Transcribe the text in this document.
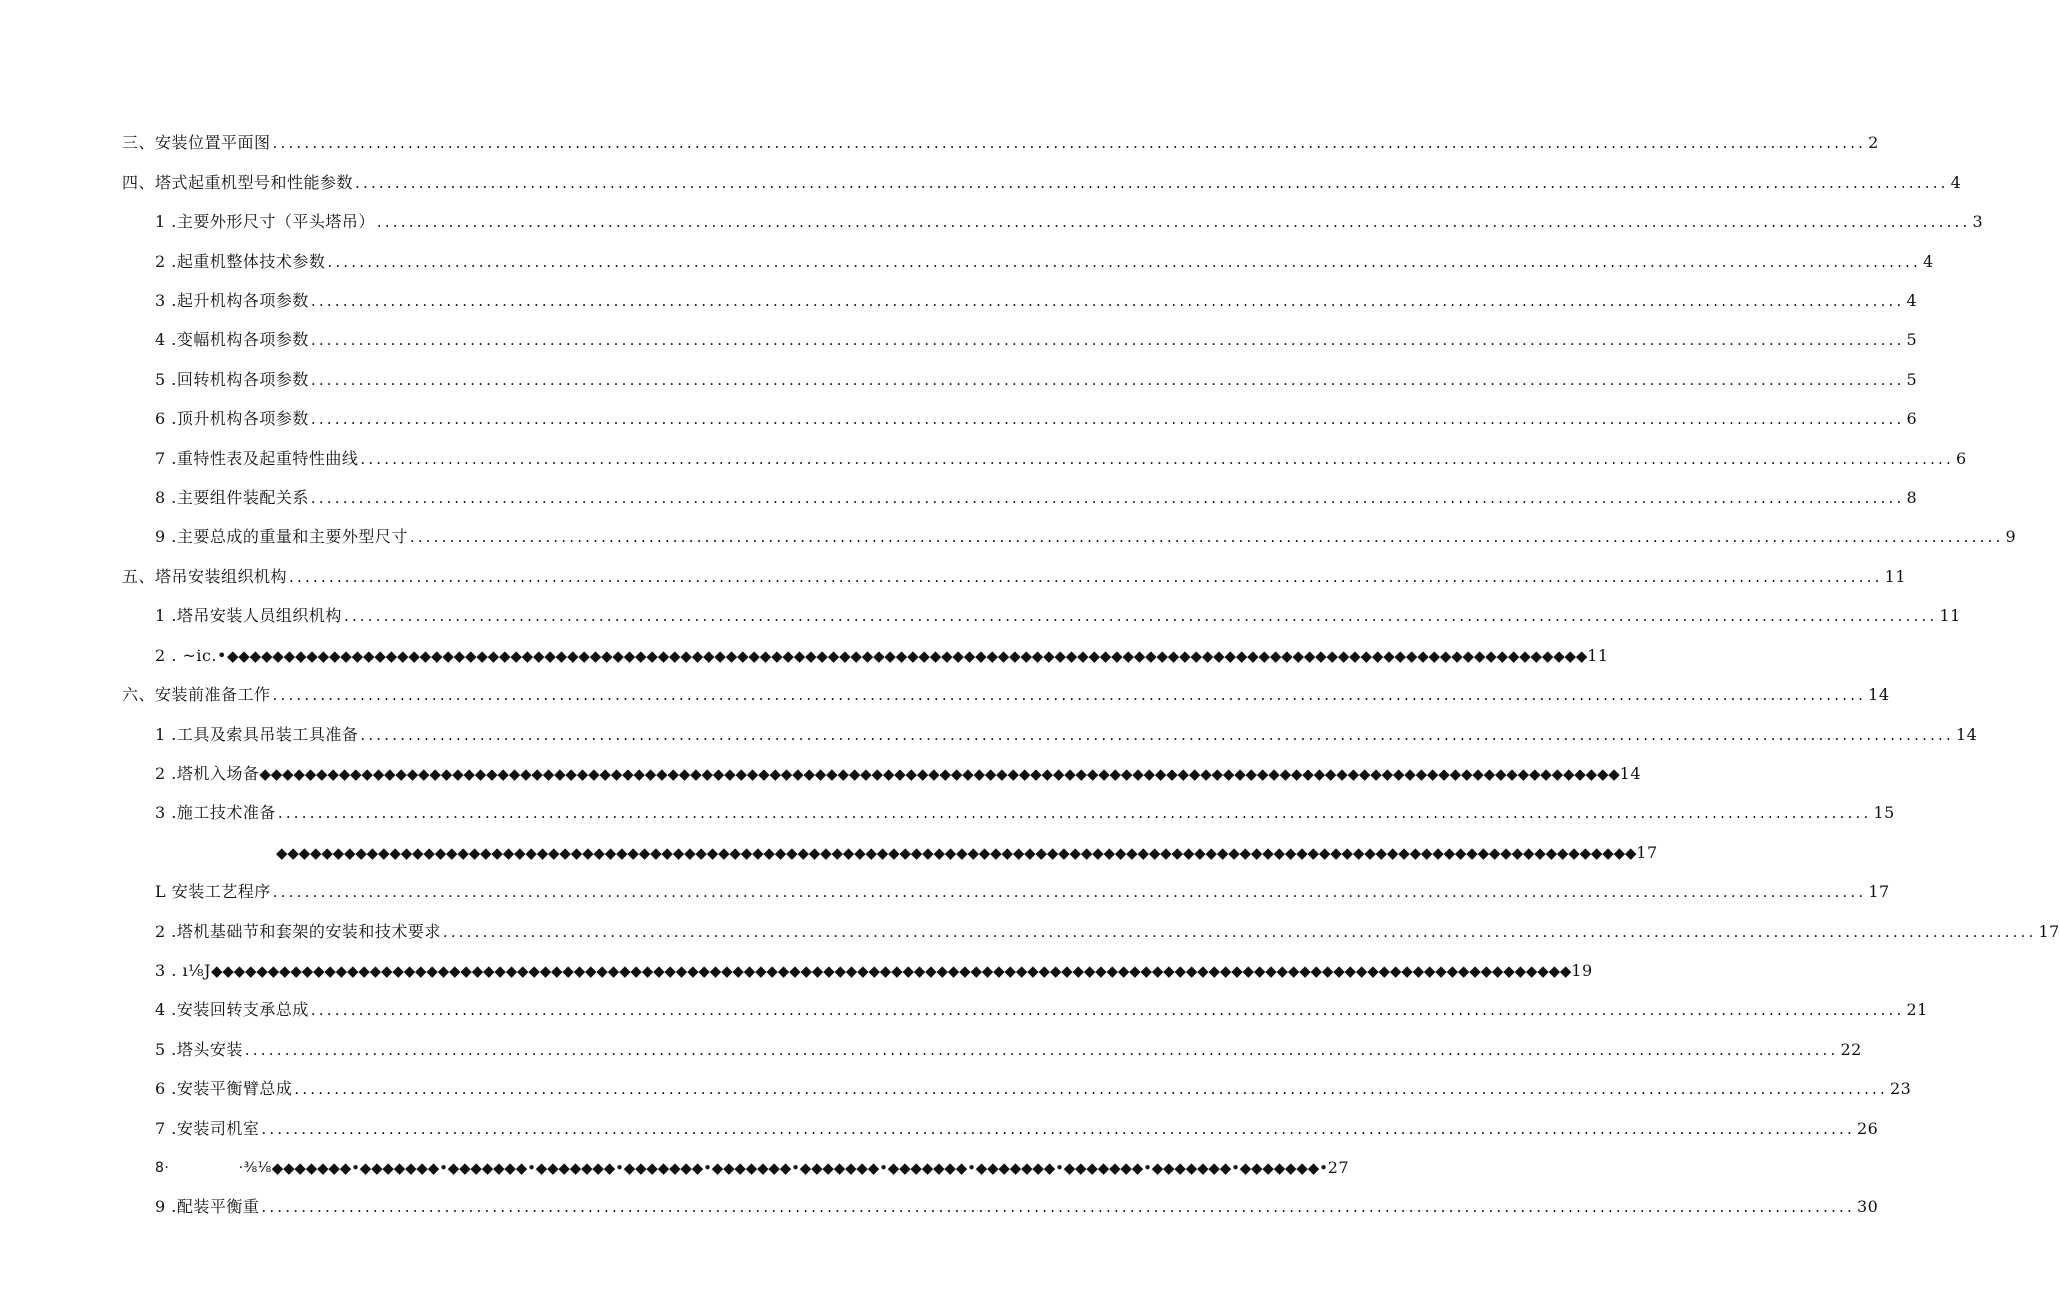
三、安装位置平面图 ........................................................................................................................................................................................................ 2
四、塔式起重机型号和性能参数 ........................................................................................................................................................................................................ 4
1 .主要外形尺寸（平头塔吊） ........................................................................................................................................................................................................ 3
2 .起重机整体技术参数 ........................................................................................................................................................................................................ 4
3 .起升机构各项参数 ........................................................................................................................................................................................................ 4
4 .变幅机构各项参数 ........................................................................................................................................................................................................ 5
5 .回转机构各项参数 ........................................................................................................................................................................................................ 5
6 .顶升机构各项参数 ........................................................................................................................................................................................................ 6
7 .重特性表及起重特性曲线 ........................................................................................................................................................................................................ 6
8 .主要组件装配关系 ........................................................................................................................................................................................................ 8
9 .主要总成的重量和主要外型尺寸 ........................................................................................................................................................................................................ 9
五、塔吊安装组织机构 ........................................................................................................................................................................................................ 11
1 .塔吊安装人员组织机构 ........................................................................................................................................................................................................ 11
2 . ~ic.• ◆◆◆◆◆◆◆◆◆◆◆◆◆◆◆◆◆◆◆◆◆◆◆◆◆◆◆◆◆◆◆◆◆◆◆◆◆◆◆◆◆◆◆◆◆◆◆◆◆◆◆◆◆◆◆◆◆◆◆◆◆◆◆◆◆◆◆◆◆◆◆◆◆◆◆◆◆◆◆◆◆◆◆◆◆◆◆◆◆◆◆◆◆◆◆◆◆◆◆◆◆◆◆◆◆◆◆◆◆◆◆◆◆◆◆◆◆◆◆◆ 11
六、安装前准备工作 ........................................................................................................................................................................................................ 14
1 .工具及索具吊装工具准备 ........................................................................................................................................................................................................ 14
2 .塔机入场备 ◆◆◆◆◆◆◆◆◆◆◆◆◆◆◆◆◆◆◆◆◆◆◆◆◆◆◆◆◆◆◆◆◆◆◆◆◆◆◆◆◆◆◆◆◆◆◆◆◆◆◆◆◆◆◆◆◆◆◆◆◆◆◆◆◆◆◆◆◆◆◆◆◆◆◆◆◆◆◆◆◆◆◆◆◆◆◆◆◆◆◆◆◆◆◆◆◆◆◆◆◆◆◆◆◆◆◆◆◆◆◆◆◆◆◆◆◆◆◆◆ 14
3 .施工技术准备 ........................................................................................................................................................................................................ 15
◆◆◆◆◆◆◆◆◆◆◆◆◆◆◆◆◆◆◆◆◆◆◆◆◆◆◆◆◆◆◆◆◆◆◆◆◆◆◆◆◆◆◆◆◆◆◆◆◆◆◆◆◆◆◆◆◆◆◆◆◆◆◆◆◆◆◆◆◆◆◆◆◆◆◆◆◆◆◆◆◆◆◆◆◆◆◆◆◆◆◆◆◆◆◆◆◆◆◆◆◆◆◆◆◆◆◆◆◆◆◆◆◆◆◆◆◆◆◆◆ 17
L 安装工艺程序 ........................................................................................................................................................................................................ 17
2 .塔机基础节和套架的安装和技术要求 ........................................................................................................................................................................................................ 17
3 . ı⅛J ◆◆◆◆◆◆◆◆◆◆◆◆◆◆◆◆◆◆◆◆◆◆◆◆◆◆◆◆◆◆◆◆◆◆◆◆◆◆◆◆◆◆◆◆◆◆◆◆◆◆◆◆◆◆◆◆◆◆◆◆◆◆◆◆◆◆◆◆◆◆◆◆◆◆◆◆◆◆◆◆◆◆◆◆◆◆◆◆◆◆◆◆◆◆◆◆◆◆◆◆◆◆◆◆◆◆◆◆◆◆◆◆◆◆◆◆◆◆◆◆ 19
4 .安装回转支承总成 ........................................................................................................................................................................................................ 21
5 .塔头安装 ........................................................................................................................................................................................................ 22
6 .安装平衡臂总成 ........................................................................................................................................................................................................ 23
7 .安装司机室 ........................................................................................................................................................................................................ 26
8·              ·⅜⅛ ◆◆◆◆◆◆◆•◆◆◆◆◆◆◆•◆◆◆◆◆◆◆•◆◆◆◆◆◆◆•◆◆◆◆◆◆◆•◆◆◆◆◆◆◆•◆◆◆◆◆◆◆•◆◆◆◆◆◆◆•◆◆◆◆◆◆◆•◆◆◆◆◆◆◆•◆◆◆◆◆◆◆•◆◆◆◆◆◆◆• 27
9 .配装平衡重 ........................................................................................................................................................................................................ 30
